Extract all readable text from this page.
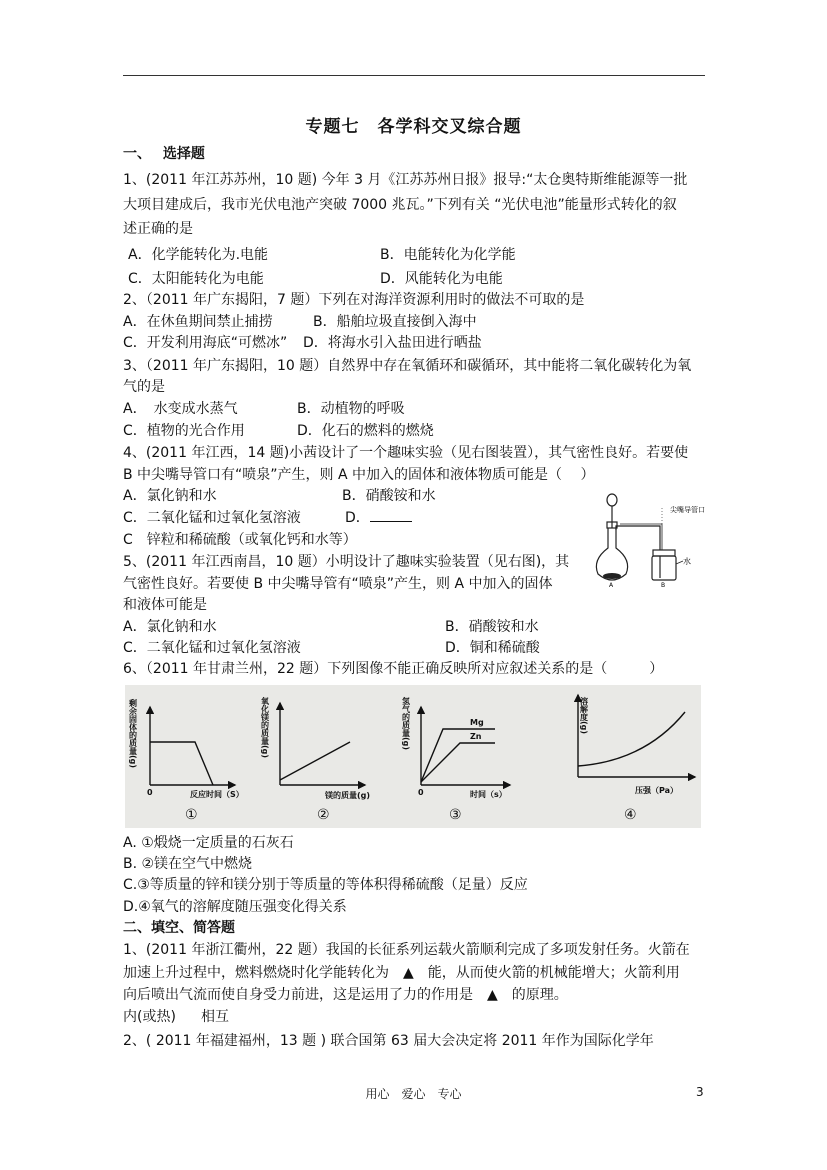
专题七　各学科交叉综合题
一、　 选择题
1、(2011 年江苏苏州，10 题) 今年 3 月《江苏苏州日报》报导:“太仓奥特斯维能源等一批
大项目建成后，我市光伏电池产突破 7000 兆瓦。”下列有关 “光伏电池”能量形式转化的叙
述正确的是
A．化学能转化为.电能	B．电能转化为化学能
C．太阳能转化为电能	D．风能转化为电能
2、（2011 年广东揭阳，7 题）下列在对海洋资源利用时的做法不可取的是
A．在休鱼期间禁止捕捞	B．船舶垃圾直接倒入海中
C．开发利用海底“可燃冰” D．将海水引入盐田进行晒盐
3、（2011 年广东揭阳，10 题）自然界中存在氧循环和碳循环，其中能将二氧化碳转化为氧
气的是
A．　水变成水蒸气	B．动植物的呼吸
C．植物的光合作用	D．化石的燃料的燃烧
4、(2011 年江西，14 题)小茜设计了一个趣味实验（见右图装置），其气密性良好。若要使
B 中尖嘴导管口有“喷泉”产生，则 A 中加入的固体和液体物质可能是（　 ）
A．氯化钠和水	B．硝酸铵和水
C．二氧化锰和过氧化氢溶液	D．
C　锌粒和稀硫酸（或氧化钙和水等）
尖嘴导管口
水
A	B
5、(2011 年江西南昌，10 题）小明设计了趣味实验装置（见右图)，其
气密性良好。若要使 B 中尖嘴导管有“喷泉”产生，则 A 中加入的固体
和液体可能是
A．氯化钠和水	B．硝酸铵和水
C．二氧化锰和过氧化氢溶液	D．铜和稀硫酸
6、（2011 年甘肃兰州，22 题）下列图像不能正确反映所对应叙述关系的是（　　　）
剩余固体的质量(g)
0	反应时间（S）
①
氧化镁的质量(g)
镁的质量(g)
②
氢气的质量(g)
0	时间（s）
Mg
Zn
③
溶解度(g)
压强（Pa）
④
A. ①煅烧一定质量的石灰石
B. ②镁在空气中燃烧
C.③等质量的锌和镁分别于等质量的等体积得稀硫酸（足量）反应
D.④氧气的溶解度随压强变化得关系
二、填空、简答题
1、(2011 年浙江衢州，22 题）我国的长征系列运载火箭顺利完成了多项发射任务。火箭在
加速上升过程中，燃料燃烧时化学能转化为　▲　能，从而使火箭的机械能增大；火箭利用
向后喷出气流而使自身受力前进，这是运用了力的作用是　▲　的原理。
内(或热) 相互
2、( 2011 年福建福州，13 题 ) 联合国第 63 届大会决定将 2011 年作为国际化学年
用心　爱心　专心	3
